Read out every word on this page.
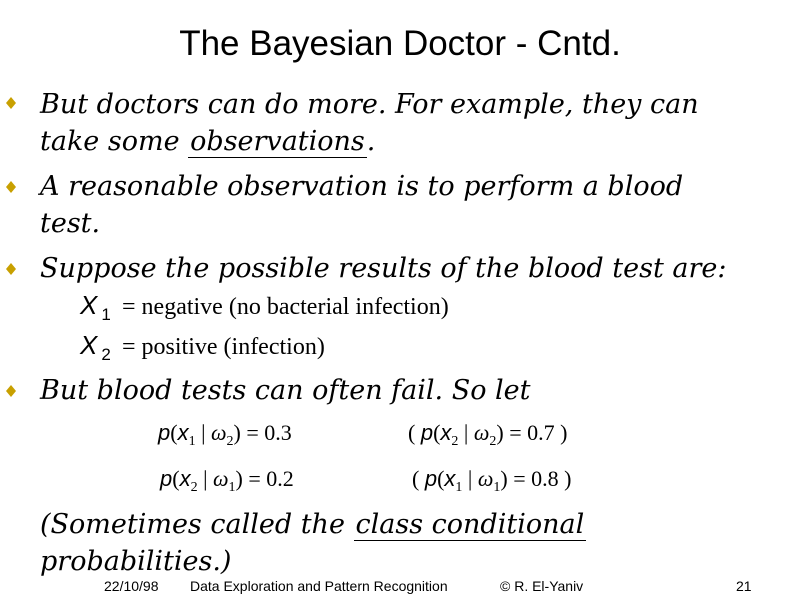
The Bayesian Doctor - Cntd.
But doctors can do more. For example, they can
take some observations.
A reasonable observation is to perform a blood
test.
Suppose the possible results of the blood test are:
X $_1$ = negative (no bacterial infection)
X $_2$ = positive (infection)
But blood tests can often fail. So let
$p(x_1$ | $\omega_2) = 0.3$
$p(x_2$ | $\omega_1) = 0.2$
( $p(x_2$ | $\omega_2) = 0.7$ )
( $p(x_1$ | $\omega_1) = 0.8$ )
(Sometimes called the class conditional
probabilities.)
22/10/98 Data Exploration and Pattern Recognition	© R. El-Yaniv	21
